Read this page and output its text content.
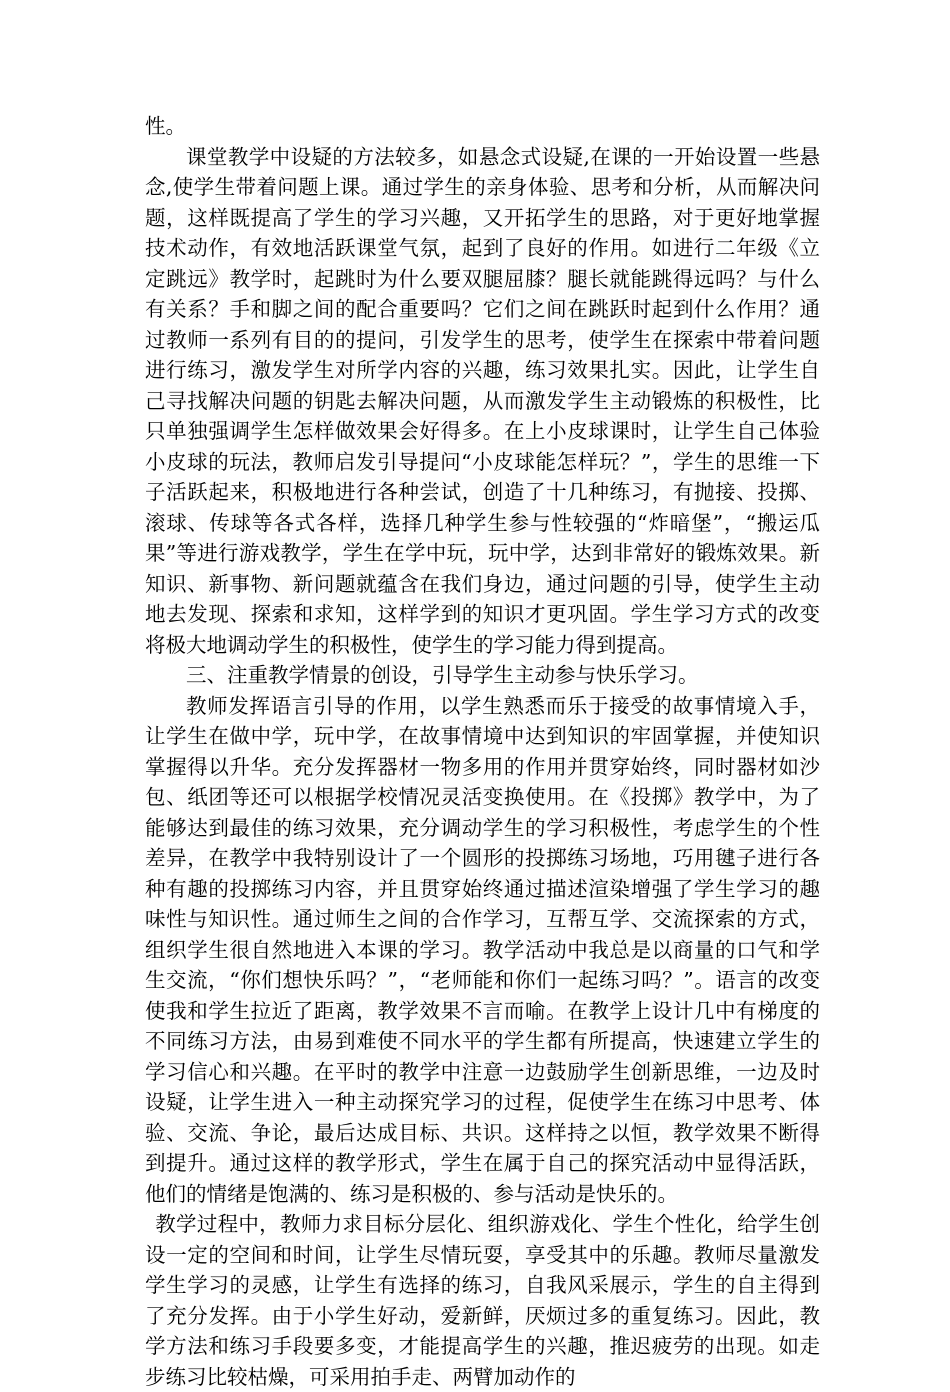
性。

课堂教学中设疑的方法较多，如悬念式设疑,在课的一开始设置一些悬念,使学生带着问题上课。通过学生的亲身体验、思考和分析，从而解决问题，这样既提高了学生的学习兴趣，又开拓学生的思路，对于更好地掌握技术动作，有效地活跃课堂气氛，起到了良好的作用。如进行二年级《立定跳远》教学时，起跳时为什么要双腿屈膝？腿长就能跳得远吗？与什么有关系？手和脚之间的配合重要吗？它们之间在跳跃时起到什么作用？通过教师一系列有目的的提问，引发学生的思考，使学生在探索中带着问题进行练习，激发学生对所学内容的兴趣，练习效果扎实。因此，让学生自己寻找解决问题的钥匙去解决问题，从而激发学生主动锻炼的积极性，比只单独强调学生怎样做效果会好得多。在上小皮球课时，让学生自己体验小皮球的玩法，教师启发引导提问“小皮球能怎样玩？”，学生的思维一下子活跃起来，积极地进行各种尝试，创造了十几种练习，有抛接、投掷、滚球、传球等各式各样，选择几种学生参与性较强的“炸暗堡”，“搬运瓜果”等进行游戏教学，学生在学中玩，玩中学，达到非常好的锻炼效果。新知识、新事物、新问题就蕴含在我们身边，通过问题的引导，使学生主动地去发现、探索和求知，这样学到的知识才更巩固。学生学习方式的改变将极大地调动学生的积极性，使学生的学习能力得到提高。

三、注重教学情景的创设，引导学生主动参与快乐学习。

教师发挥语言引导的作用，以学生熟悉而乐于接受的故事情境入手，让学生在做中学，玩中学，在故事情境中达到知识的牢固掌握，并使知识掌握得以升华。充分发挥器材一物多用的作用并贯穿始终，同时器材如沙包、纸团等还可以根据学校情况灵活变换使用。在《投掷》教学中，为了能够达到最佳的练习效果，充分调动学生的学习积极性，考虑学生的个性差异，在教学中我特别设计了一个圆形的投掷练习场地，巧用毽子进行各种有趣的投掷练习内容，并且贯穿始终通过描述渲染增强了学生学习的趣味性与知识性。通过师生之间的合作学习，互帮互学、交流探索的方式，组织学生很自然地进入本课的学习。教学活动中我总是以商量的口气和学生交流，“你们想快乐吗？”，“老师能和你们一起练习吗？”。语言的改变使我和学生拉近了距离，教学效果不言而喻。在教学上设计几中有梯度的不同练习方法，由易到难使不同水平的学生都有所提高，快速建立学生的学习信心和兴趣。在平时的教学中注意一边鼓励学生创新思维，一边及时设疑，让学生进入一种主动探究学习的过程，促使学生在练习中思考、体验、交流、争论，最后达成目标、共识。这样持之以恒，教学效果不断得到提升。通过这样的教学形式，学生在属于自己的探究活动中显得活跃，他们的情绪是饱满的、练习是积极的、参与活动是快乐的。

教学过程中，教师力求目标分层化、组织游戏化、学生个性化，给学生创设一定的空间和时间，让学生尽情玩耍，享受其中的乐趣。教师尽量激发学生学习的灵感，让学生有选择的练习，自我风采展示，学生的自主得到了充分发挥。由于小学生好动，爱新鲜，厌烦过多的重复练习。因此，教学方法和练习手段要多变，才能提高学生的兴趣，推迟疲劳的出现。如走步练习比较枯燥，可采用拍手走、两臂加动作的
